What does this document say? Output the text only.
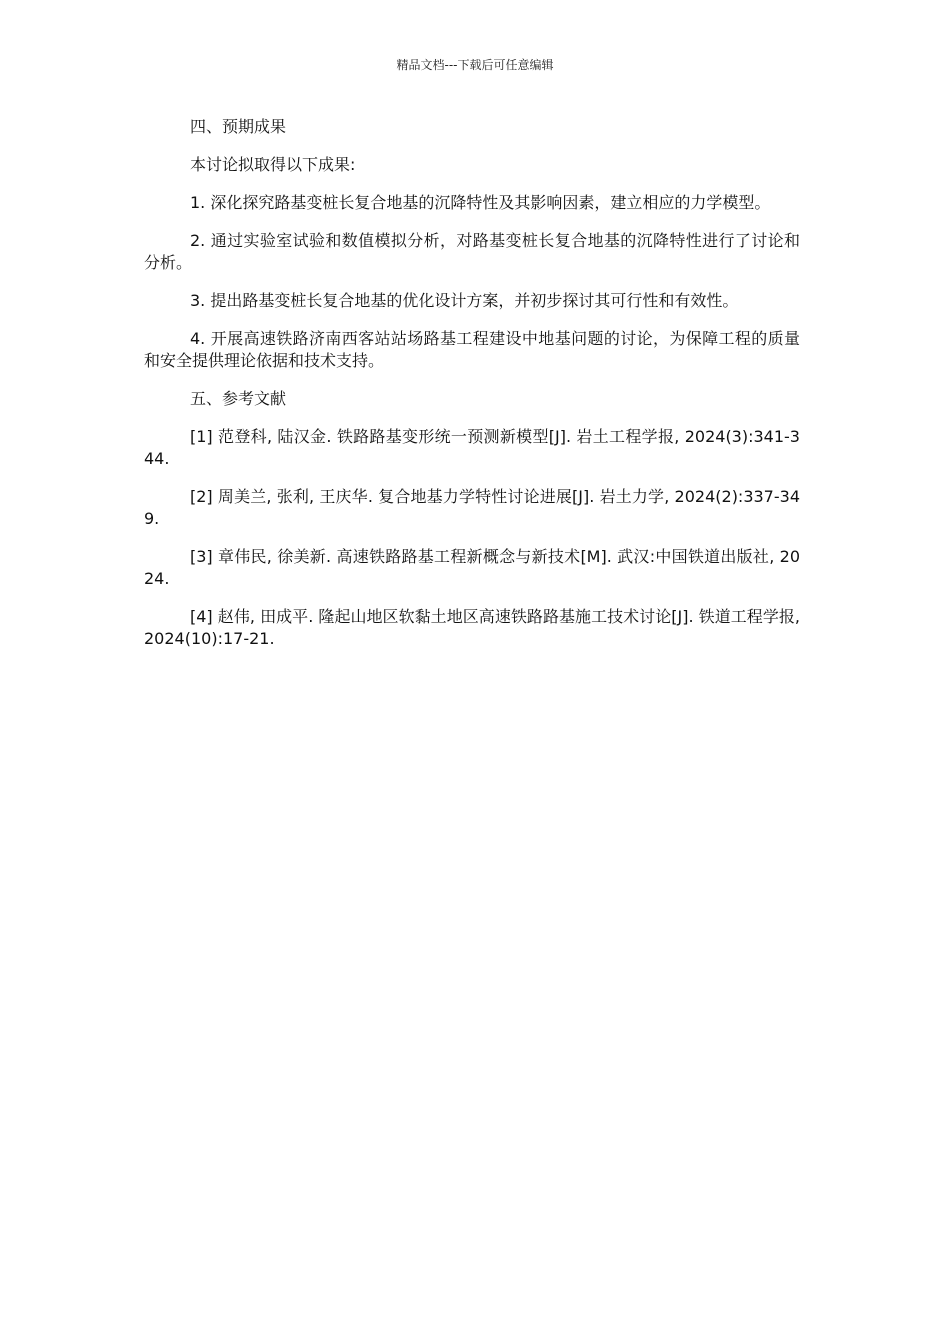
精品文档---下载后可任意编辑

四、预期成果

本讨论拟取得以下成果:

1. 深化探究路基变桩长复合地基的沉降特性及其影响因素，建立相应的力学模型。

2. 通过实验室试验和数值模拟分析，对路基变桩长复合地基的沉降特性进行了讨论和分析。

3. 提出路基变桩长复合地基的优化设计方案，并初步探讨其可行性和有效性。

4. 开展高速铁路济南西客站站场路基工程建设中地基问题的讨论，为保障工程的质量和安全提供理论依据和技术支持。

五、参考文献

[1] 范登科, 陆汉金. 铁路路基变形统一预测新模型[J]. 岩土工程学报, 2024(3):341-344.

[2] 周美兰, 张利, 王庆华. 复合地基力学特性讨论进展[J]. 岩土力学, 2024(2):337-349.

[3] 章伟民, 徐美新. 高速铁路路基工程新概念与新技术[M]. 武汉:中国铁道出版社, 2024.

[4] 赵伟, 田成平. 隆起山地区软黏土地区高速铁路路基施工技术讨论[J]. 铁道工程学报, 2024(10):17-21.
